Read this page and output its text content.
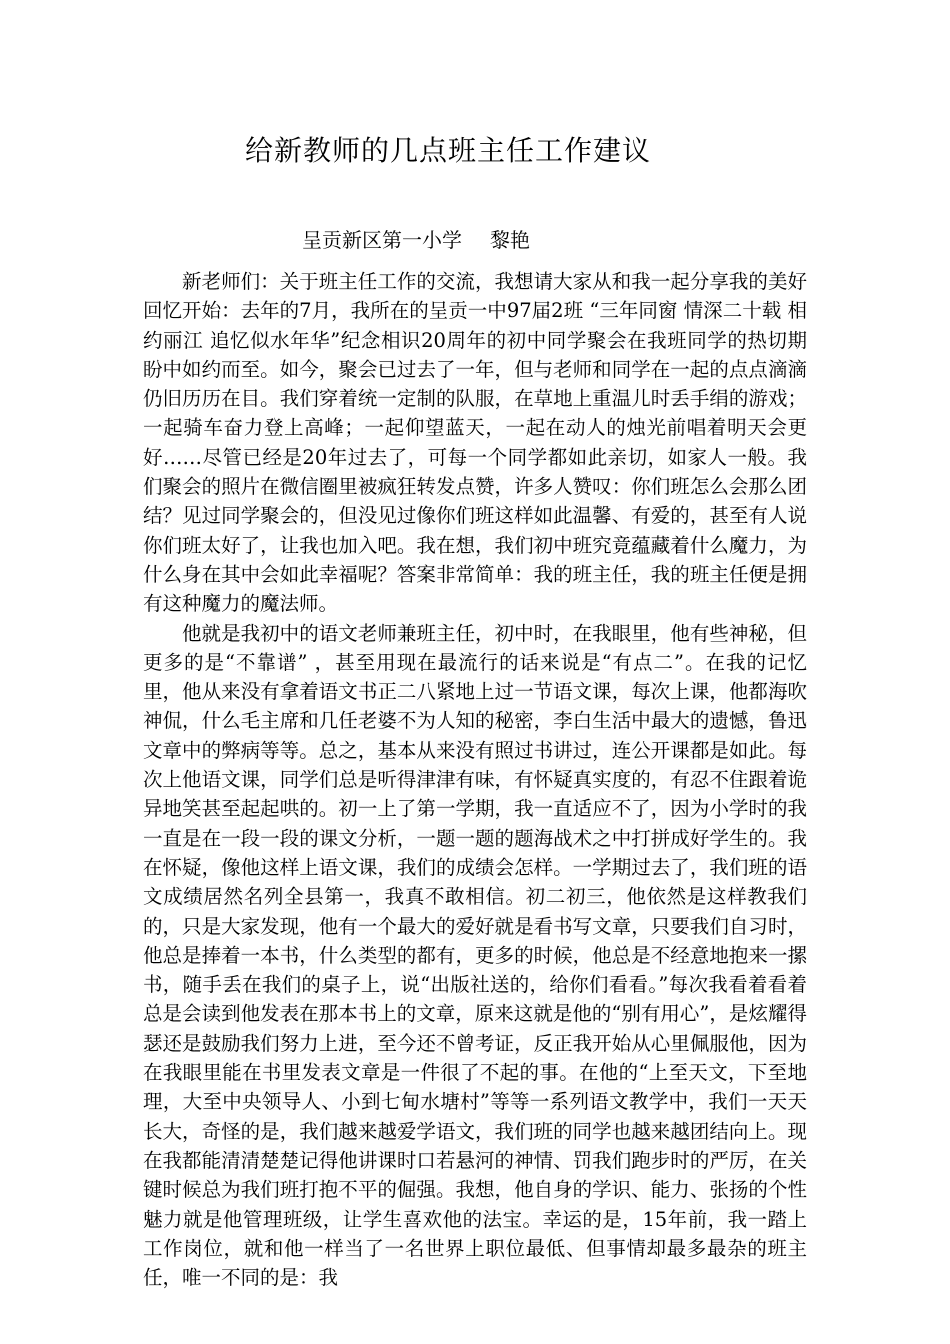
给新教师的几点班主任工作建议
呈贡新区第一小学 黎艳

新老师们：关于班主任工作的交流，我想请大家从和我一起分享我的美好回忆开始：去年的7月，我所在的呈贡一中97届2班 “三年同窗 情深二十载 相约丽江 追忆似水年华”纪念相识20周年的初中同学聚会在我班同学的热切期盼中如约而至。如今，聚会已过去了一年，但与老师和同学在一起的点点滴滴仍旧历历在目。我们穿着统一定制的队服，在草地上重温儿时丢手绢的游戏；一起骑车奋力登上高峰；一起仰望蓝天，一起在动人的烛光前唱着明天会更好……尽管已经是20年过去了，可每一个同学都如此亲切，如家人一般。我们聚会的照片在微信圈里被疯狂转发点赞，许多人赞叹：你们班怎么会那么团结？见过同学聚会的，但没见过像你们班这样如此温馨、有爱的，甚至有人说你们班太好了，让我也加入吧。我在想，我们初中班究竟蕴藏着什么魔力，为什么身在其中会如此幸福呢？答案非常简单：我的班主任，我的班主任便是拥有这种魔力的魔法师。

他就是我初中的语文老师兼班主任，初中时，在我眼里，他有些神秘，但更多的是“不靠谱” ，甚至用现在最流行的话来说是“有点二”。在我的记忆里，他从来没有拿着语文书正二八紧地上过一节语文课，每次上课，他都海吹神侃，什么毛主席和几任老婆不为人知的秘密，李白生活中最大的遗憾，鲁迅文章中的弊病等等。总之，基本从来没有照过书讲过，连公开课都是如此。每次上他语文课，同学们总是听得津津有味，有怀疑真实度的，有忍不住跟着诡异地笑甚至起起哄的。初一上了第一学期，我一直适应不了，因为小学时的我一直是在一段一段的课文分析，一题一题的题海战术之中打拼成好学生的。我在怀疑，像他这样上语文课，我们的成绩会怎样。一学期过去了，我们班的语文成绩居然名列全县第一，我真不敢相信。初二初三，他依然是这样教我们的，只是大家发现，他有一个最大的爱好就是看书写文章，只要我们自习时，他总是捧着一本书，什么类型的都有，更多的时候，他总是不经意地抱来一摞书，随手丢在我们的桌子上，说“出版社送的，给你们看看。”每次我看着看着总是会读到他发表在那本书上的文章，原来这就是他的“别有用心”，是炫耀得瑟还是鼓励我们努力上进，至今还不曾考证，反正我开始从心里佩服他，因为在我眼里能在书里发表文章是一件很了不起的事。在他的“上至天文，下至地理，大至中央领导人、小到七甸水塘村”等等一系列语文教学中，我们一天天长大，奇怪的是，我们越来越爱学语文，我们班的同学也越来越团结向上。现在我都能清清楚楚记得他讲课时口若悬河的神情、罚我们跑步时的严厉，在关键时候总为我们班打抱不平的倔强。我想，他自身的学识、能力、张扬的个性魅力就是他管理班级，让学生喜欢他的法宝。幸运的是，15年前，我一踏上工作岗位，就和他一样当了一名世界上职位最低、但事情却最多最杂的班主任，唯一不同的是：我
